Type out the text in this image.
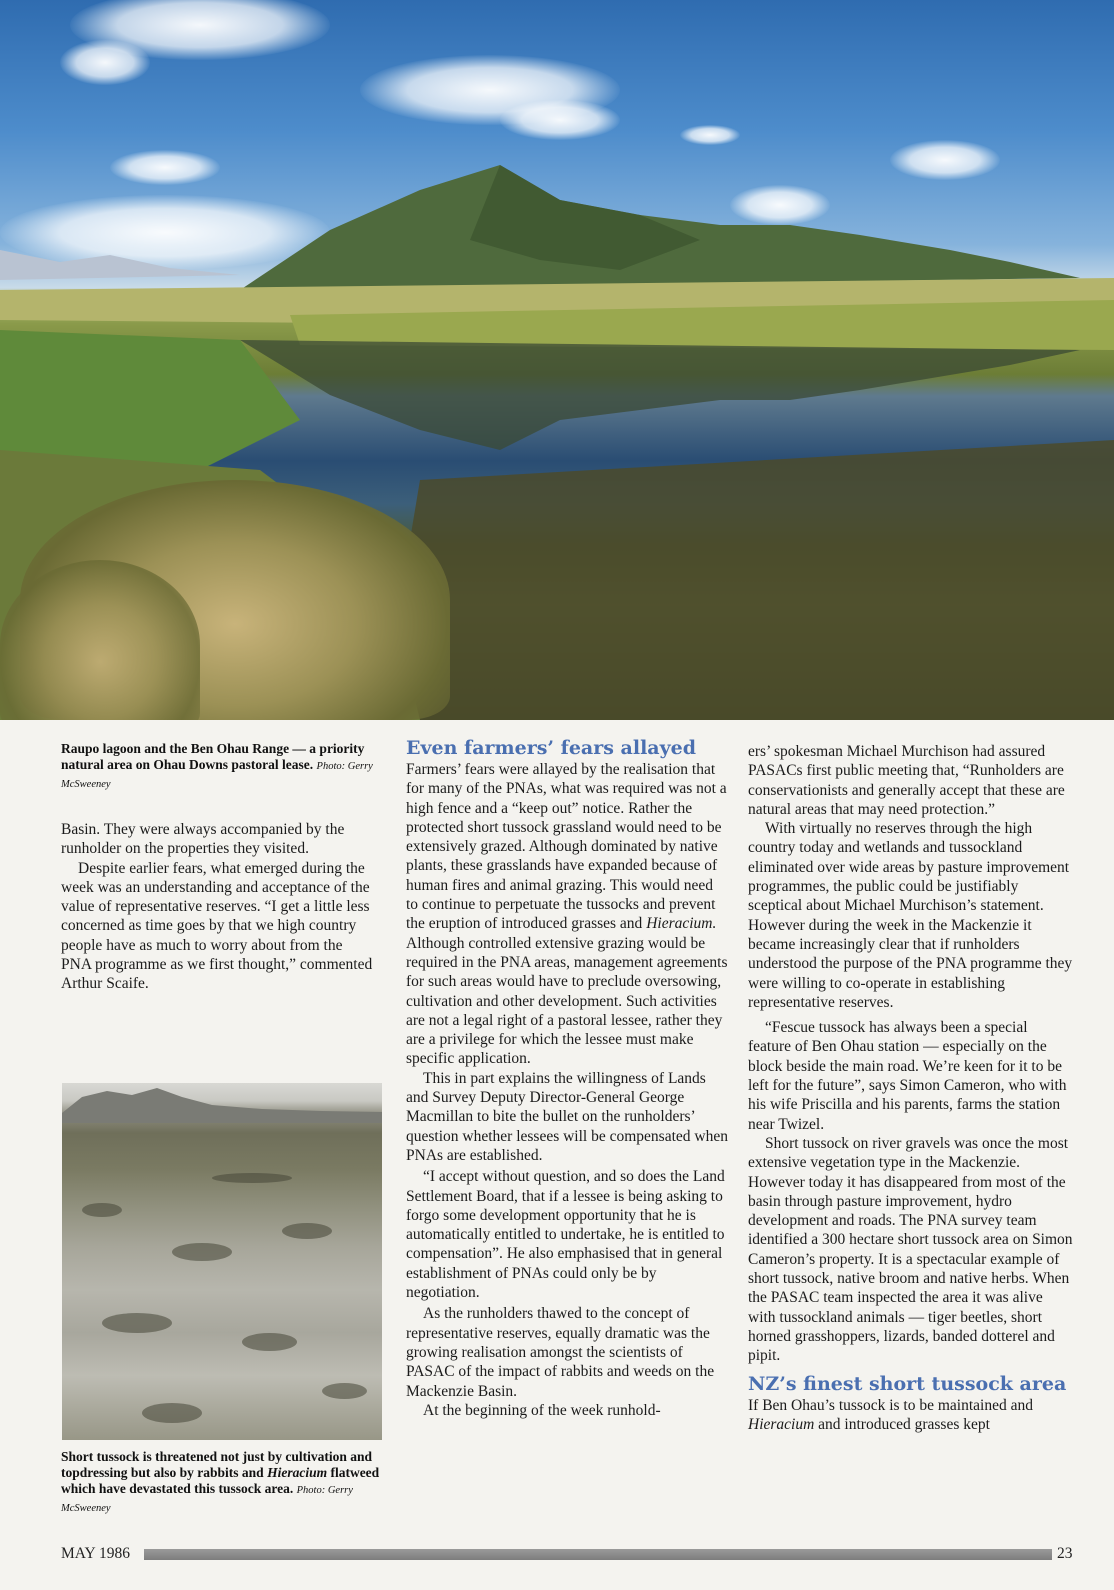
Raupo lagoon and the Ben Ohau Range — a priority natural area on Ohau Downs pastoral lease. Photo: Gerry McSweeney

Basin. They were always accompanied by the runholder on the properties they visited.

Despite earlier fears, what emerged during the week was an understanding and acceptance of the value of representative reserves. “I get a little less concerned as time goes by that we high country people have as much to worry about from the PNA programme as we first thought,” commented Arthur Scaife.

Short tussock is threatened not just by cultivation and topdressing but also by rabbits and Hieracium flatweed which have devastated this tussock area. Photo: Gerry McSweeney
Even farmers’ fears allayed

Farmers’ fears were allayed by the realisation that for many of the PNAs, what was required was not a high fence and a “keep out” notice. Rather the protected short tussock grassland would need to be extensively grazed. Although dominated by native plants, these grasslands have expanded because of human fires and animal grazing. This would need to continue to perpetuate the tussocks and prevent the eruption of introduced grasses and Hieracium. Although controlled extensive grazing would be required in the PNA areas, management agreements for such areas would have to preclude oversowing, cultivation and other development. Such activities are not a legal right of a pastoral lessee, rather they are a privilege for which the lessee must make specific application.

This in part explains the willingness of Lands and Survey Deputy Director-General George Macmillan to bite the bullet on the runholders’ question whether lessees will be compensated when PNAs are established.

“I accept without question, and so does the Land Settlement Board, that if a lessee is being asking to forgo some development opportunity that he is automatically entitled to undertake, he is entitled to compensation”. He also emphasised that in general establishment of PNAs could only be by negotiation.

As the runholders thawed to the concept of representative reserves, equally dramatic was the growing realisation amongst the scientists of PASAC of the impact of rabbits and weeds on the Mackenzie Basin.

At the beginning of the week runhold-

ers’ spokesman Michael Murchison had assured PASACs first public meeting that, “Runholders are conservationists and generally accept that these are natural areas that may need protection.”

With virtually no reserves through the high country today and wetlands and tussockland eliminated over wide areas by pasture improvement programmes, the public could be justifiably sceptical about Michael Murchison’s statement. However during the week in the Mackenzie it became increasingly clear that if runholders understood the purpose of the PNA programme they were willing to co-operate in establishing representative reserves.

“Fescue tussock has always been a special feature of Ben Ohau station — especially on the block beside the main road. We’re keen for it to be left for the future”, says Simon Cameron, who with his wife Priscilla and his parents, farms the station near Twizel.

Short tussock on river gravels was once the most extensive vegetation type in the Mackenzie. However today it has disappeared from most of the basin through pasture improvement, hydro development and roads. The PNA survey team identified a 300 hectare short tussock area on Simon Cameron’s property. It is a spectacular example of short tussock, native broom and native herbs. When the PASAC team inspected the area it was alive with tussockland animals — tiger beetles, short horned grasshoppers, lizards, banded dotterel and pipit.

NZ’s finest short tussock area

If Ben Ohau’s tussock is to be maintained and Hieracium and introduced grasses kept

MAY 1986	23
